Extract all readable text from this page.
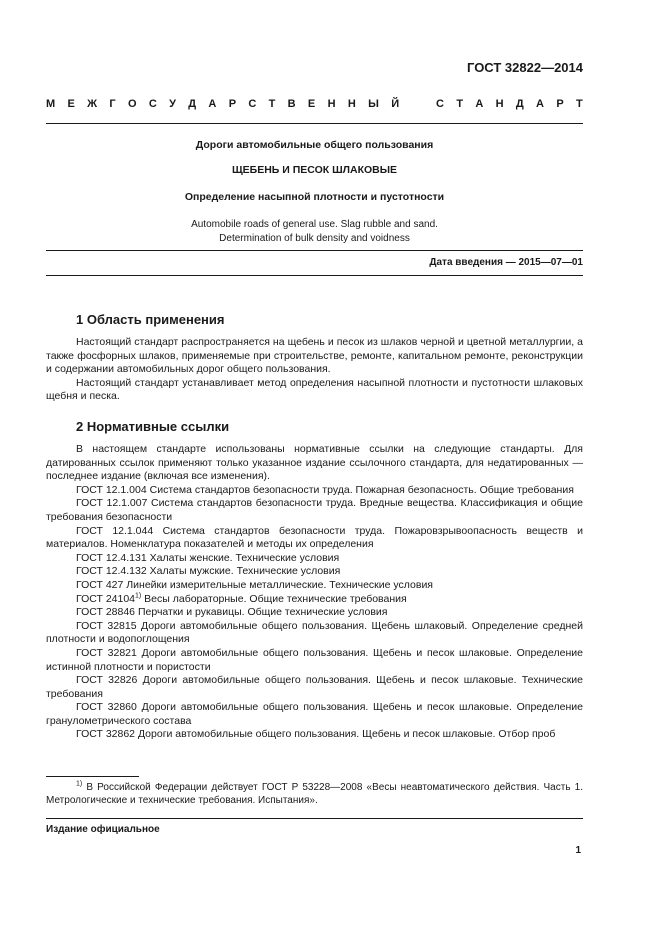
ГОСТ 32822—2014
М Е Ж Г О С У Д А Р С Т В Е Н Н Ы Й	С Т А Н Д А Р Т
Дороги автомобильные общего пользования
ЩЕБЕНЬ И ПЕСОК ШЛАКОВЫЕ
Определение насыпной плотности и пустотности
Automobile roads of general use. Slag rubble and sand.
Determination of bulk density and voidness
Дата введения — 2015—07—01
1 Область применения
Настоящий стандарт распространяется на щебень и песок из шлаков черной и цветной металлургии, а также фосфорных шлаков, применяемые при строительстве, ремонте, капитальном ремонте, реконструкции и содержании автомобильных дорог общего пользования.
Настоящий стандарт устанавливает метод определения насыпной плотности и пустотности шлаковых щебня и песка.
2 Нормативные ссылки
В настоящем стандарте использованы нормативные ссылки на следующие стандарты. Для датированных ссылок применяют только указанное издание ссылочного стандарта, для недатированных — последнее издание (включая все изменения).
ГОСТ 12.1.004 Система стандартов безопасности труда. Пожарная безопасность. Общие требования
ГОСТ 12.1.007 Система стандартов безопасности труда. Вредные вещества. Классификация и общие требования безопасности
ГОСТ 12.1.044 Система стандартов безопасности труда. Пожаровзрывоопасность веществ и материалов. Номенклатура показателей и методы их определения
ГОСТ 12.4.131 Халаты женские. Технические условия
ГОСТ 12.4.132 Халаты мужские. Технические условия
ГОСТ 427 Линейки измерительные металлические. Технические условия
ГОСТ 24104$^{1)}$ Весы лабораторные. Общие технические требования
ГОСТ 28846 Перчатки и рукавицы. Общие технические условия
ГОСТ 32815 Дороги автомобильные общего пользования. Щебень шлаковый. Определение средней плотности и водопоглощения
ГОСТ 32821 Дороги автомобильные общего пользования. Щебень и песок шлаковые. Определение истинной плотности и пористости
ГОСТ 32826 Дороги автомобильные общего пользования. Щебень и песок шлаковые. Технические требования
ГОСТ 32860 Дороги автомобильные общего пользования. Щебень и песок шлаковые. Определение гранулометрического состава
ГОСТ 32862 Дороги автомобильные общего пользования. Щебень и песок шлаковые. Отбор проб
$^{1)}$ В Российской Федерации действует ГОСТ Р 53228—2008 «Весы неавтоматического действия. Часть 1. Метрологические и технические требования. Испытания».
Издание официальное
1
